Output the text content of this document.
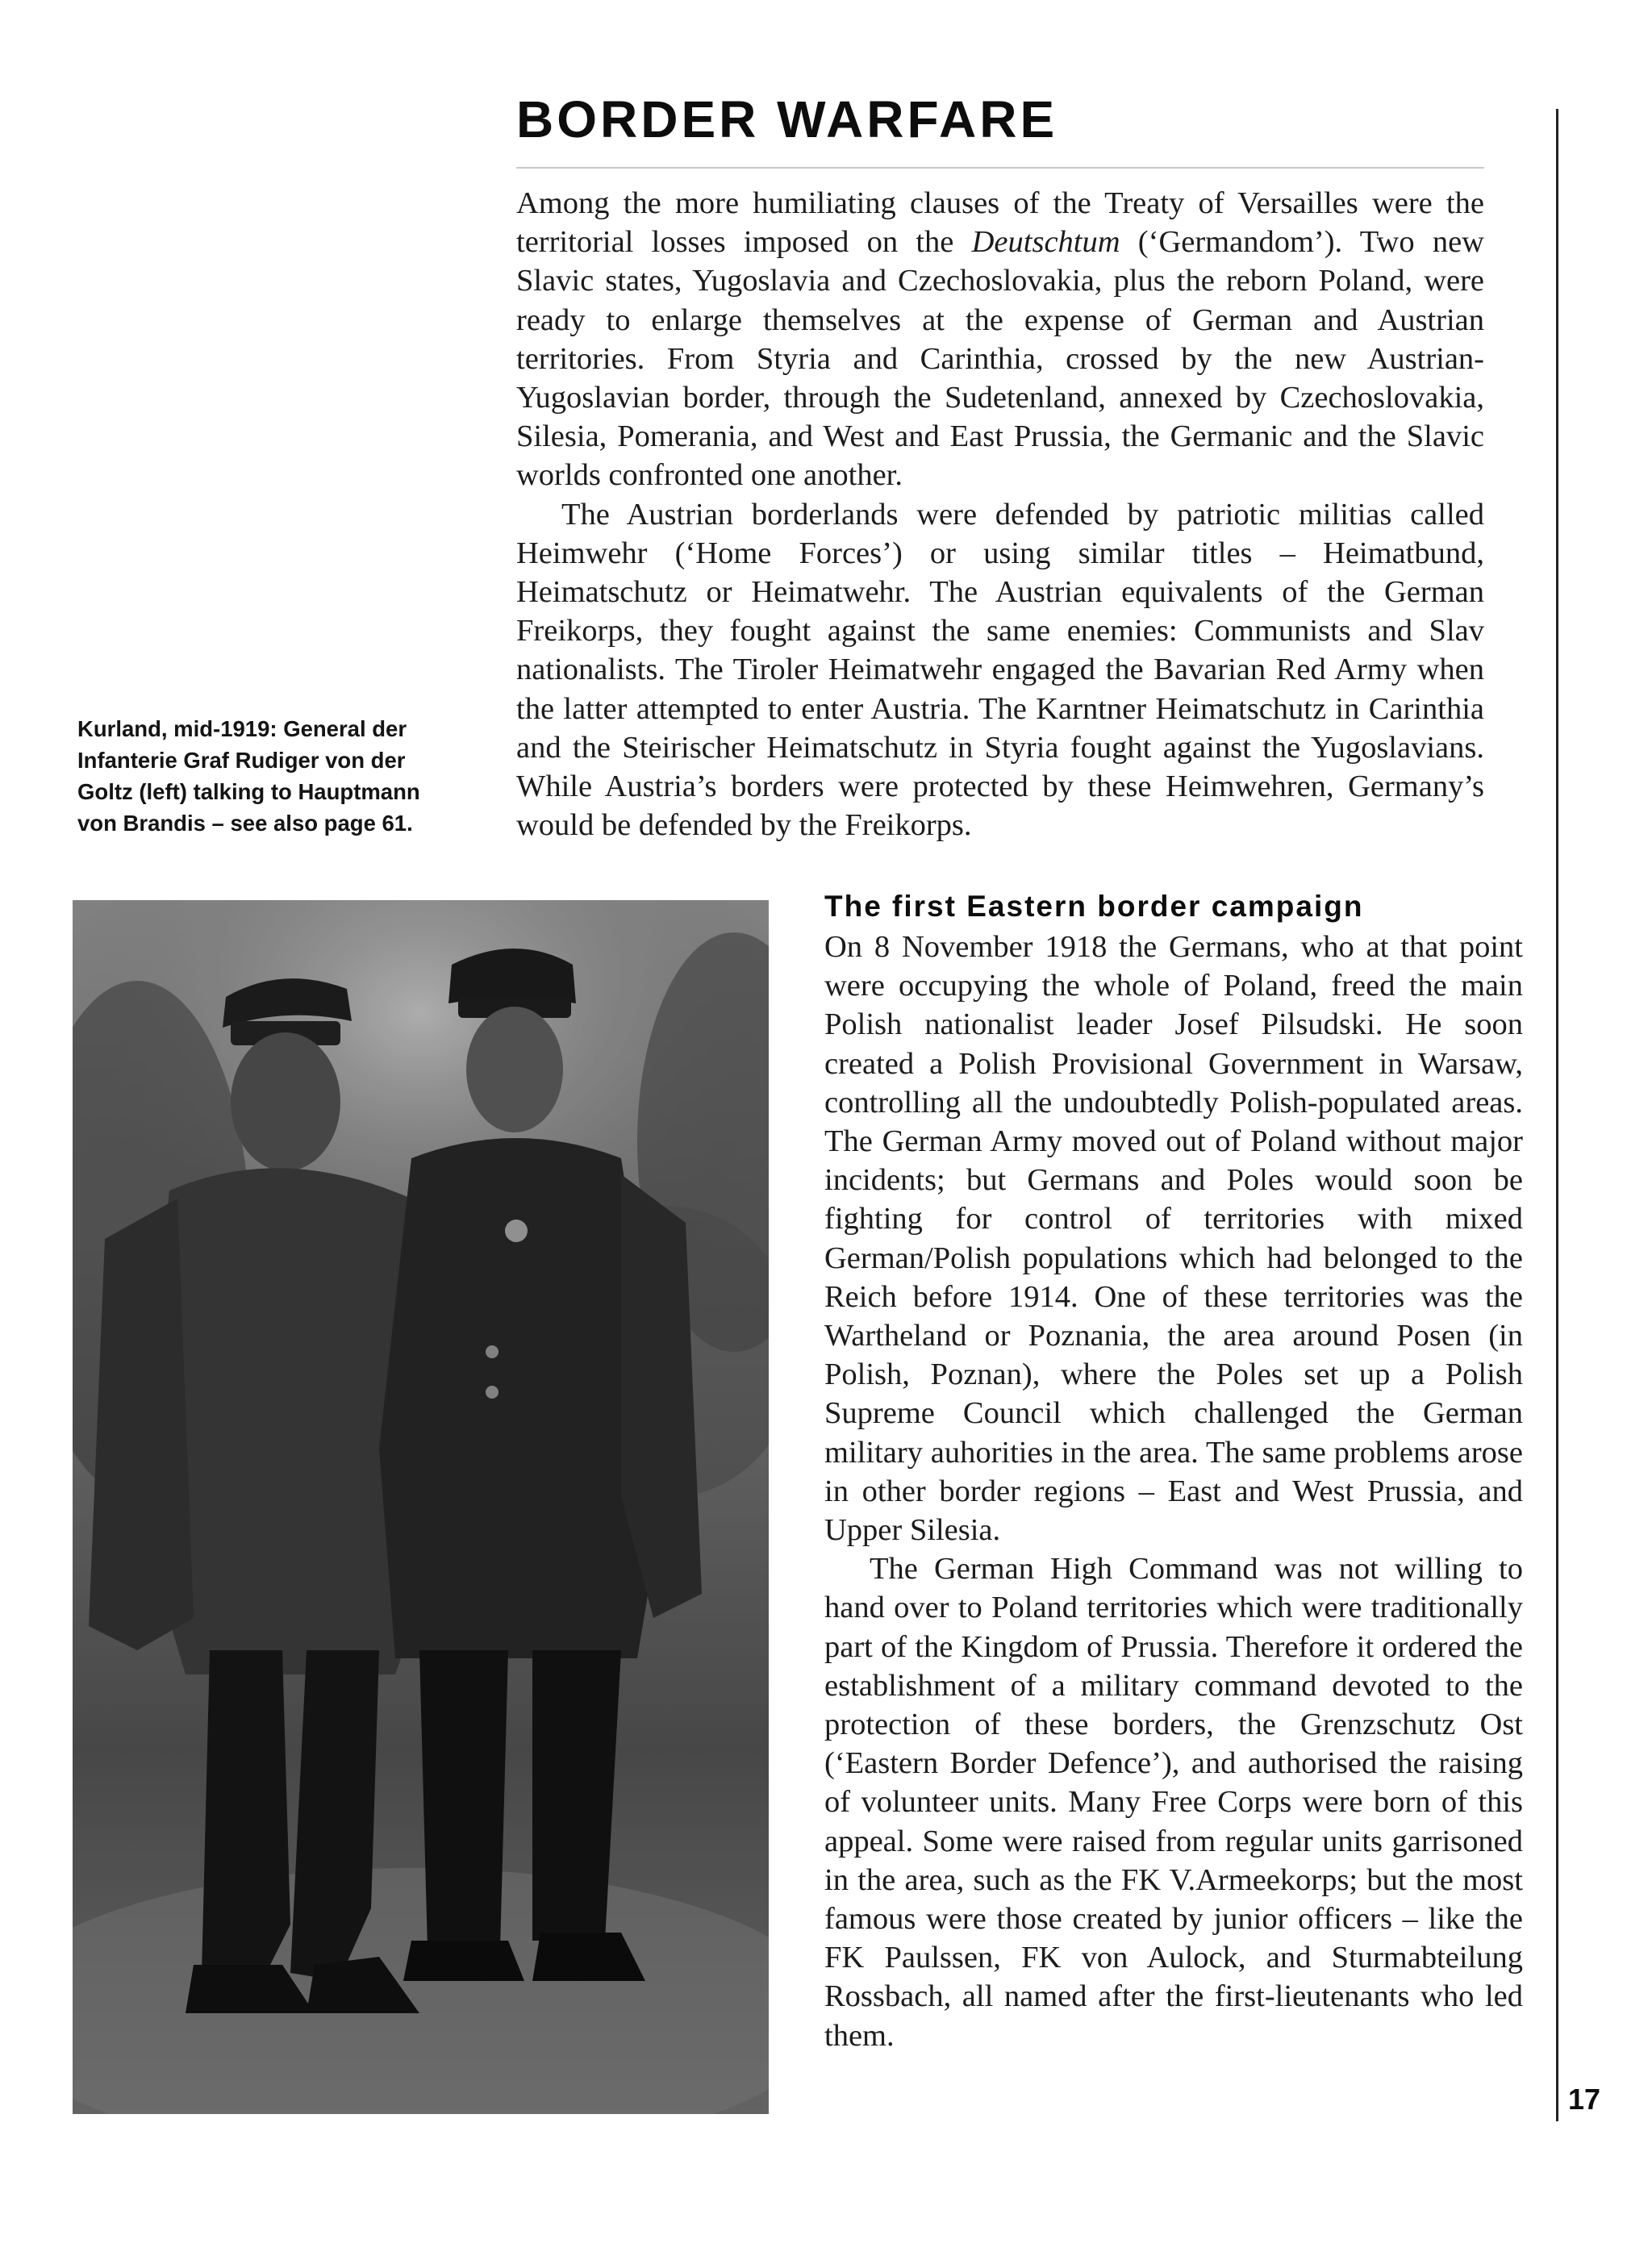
BORDER WARFARE

17

Among the more humiliating clauses of the Treaty of Versailles were the territorial losses imposed on the Deutschtum (‘Germandom’). Two new Slavic states, Yugoslavia and Czechoslovakia, plus the reborn Poland, were ready to enlarge themselves at the expense of German and Austrian territories. From Styria and Carinthia, crossed by the new Austrian-Yugoslavian border, through the Sudetenland, annexed by Czechoslovakia, Silesia, Pomerania, and West and East Prussia, the Germanic and the Slavic worlds confronted one another.

The Austrian borderlands were defended by patriotic militias called Heimwehr (‘Home Forces’) or using similar titles – Heimatbund, Heimatschutz or Heimatwehr. The Austrian equivalents of the German Freikorps, they fought against the same enemies: Communists and Slav nationalists. The Tiroler Heimatwehr engaged the Bavarian Red Army when the latter attempted to enter Austria. The Karntner Heimatschutz in Carinthia and the Steirischer Heimatschutz in Styria fought against the Yugoslavians. While Austria’s borders were protected by these Heimwehren, Germany’s would be defended by the Freikorps.

Kurland, mid-1919: General der Infanterie Graf Rudiger von der Goltz (left) talking to Hauptmann von Brandis – see also page 61.

The first Eastern border campaign

On 8 November 1918 the Germans, who at that point were occupying the whole of Poland, freed the main Polish nationalist leader Josef Pilsudski. He soon created a Polish Provisional Government in Warsaw, controlling all the undoubtedly Polish-populated areas. The German Army moved out of Poland without major incidents; but Germans and Poles would soon be fighting for control of territories with mixed German/Polish populations which had belonged to the Reich before 1914. One of these territories was the Wartheland or Poznania, the area around Posen (in Polish, Poznan), where the Poles set up a Polish Supreme Council which challenged the German military auhorities in the area. The same problems arose in other border regions – East and West Prussia, and Upper Silesia.

The German High Command was not willing to hand over to Poland territories which were traditionally part of the Kingdom of Prussia. Therefore it ordered the establishment of a military command devoted to the protection of these borders, the Grenzschutz Ost (‘Eastern Border Defence’), and authorised the raising of volunteer units. Many Free Corps were born of this appeal. Some were raised from regular units garrisoned in the area, such as the FK V.Armeekorps; but the most famous were those created by junior officers – like the FK Paulssen, FK von Aulock, and Sturmabteilung Rossbach, all named after the first-lieutenants who led them.
